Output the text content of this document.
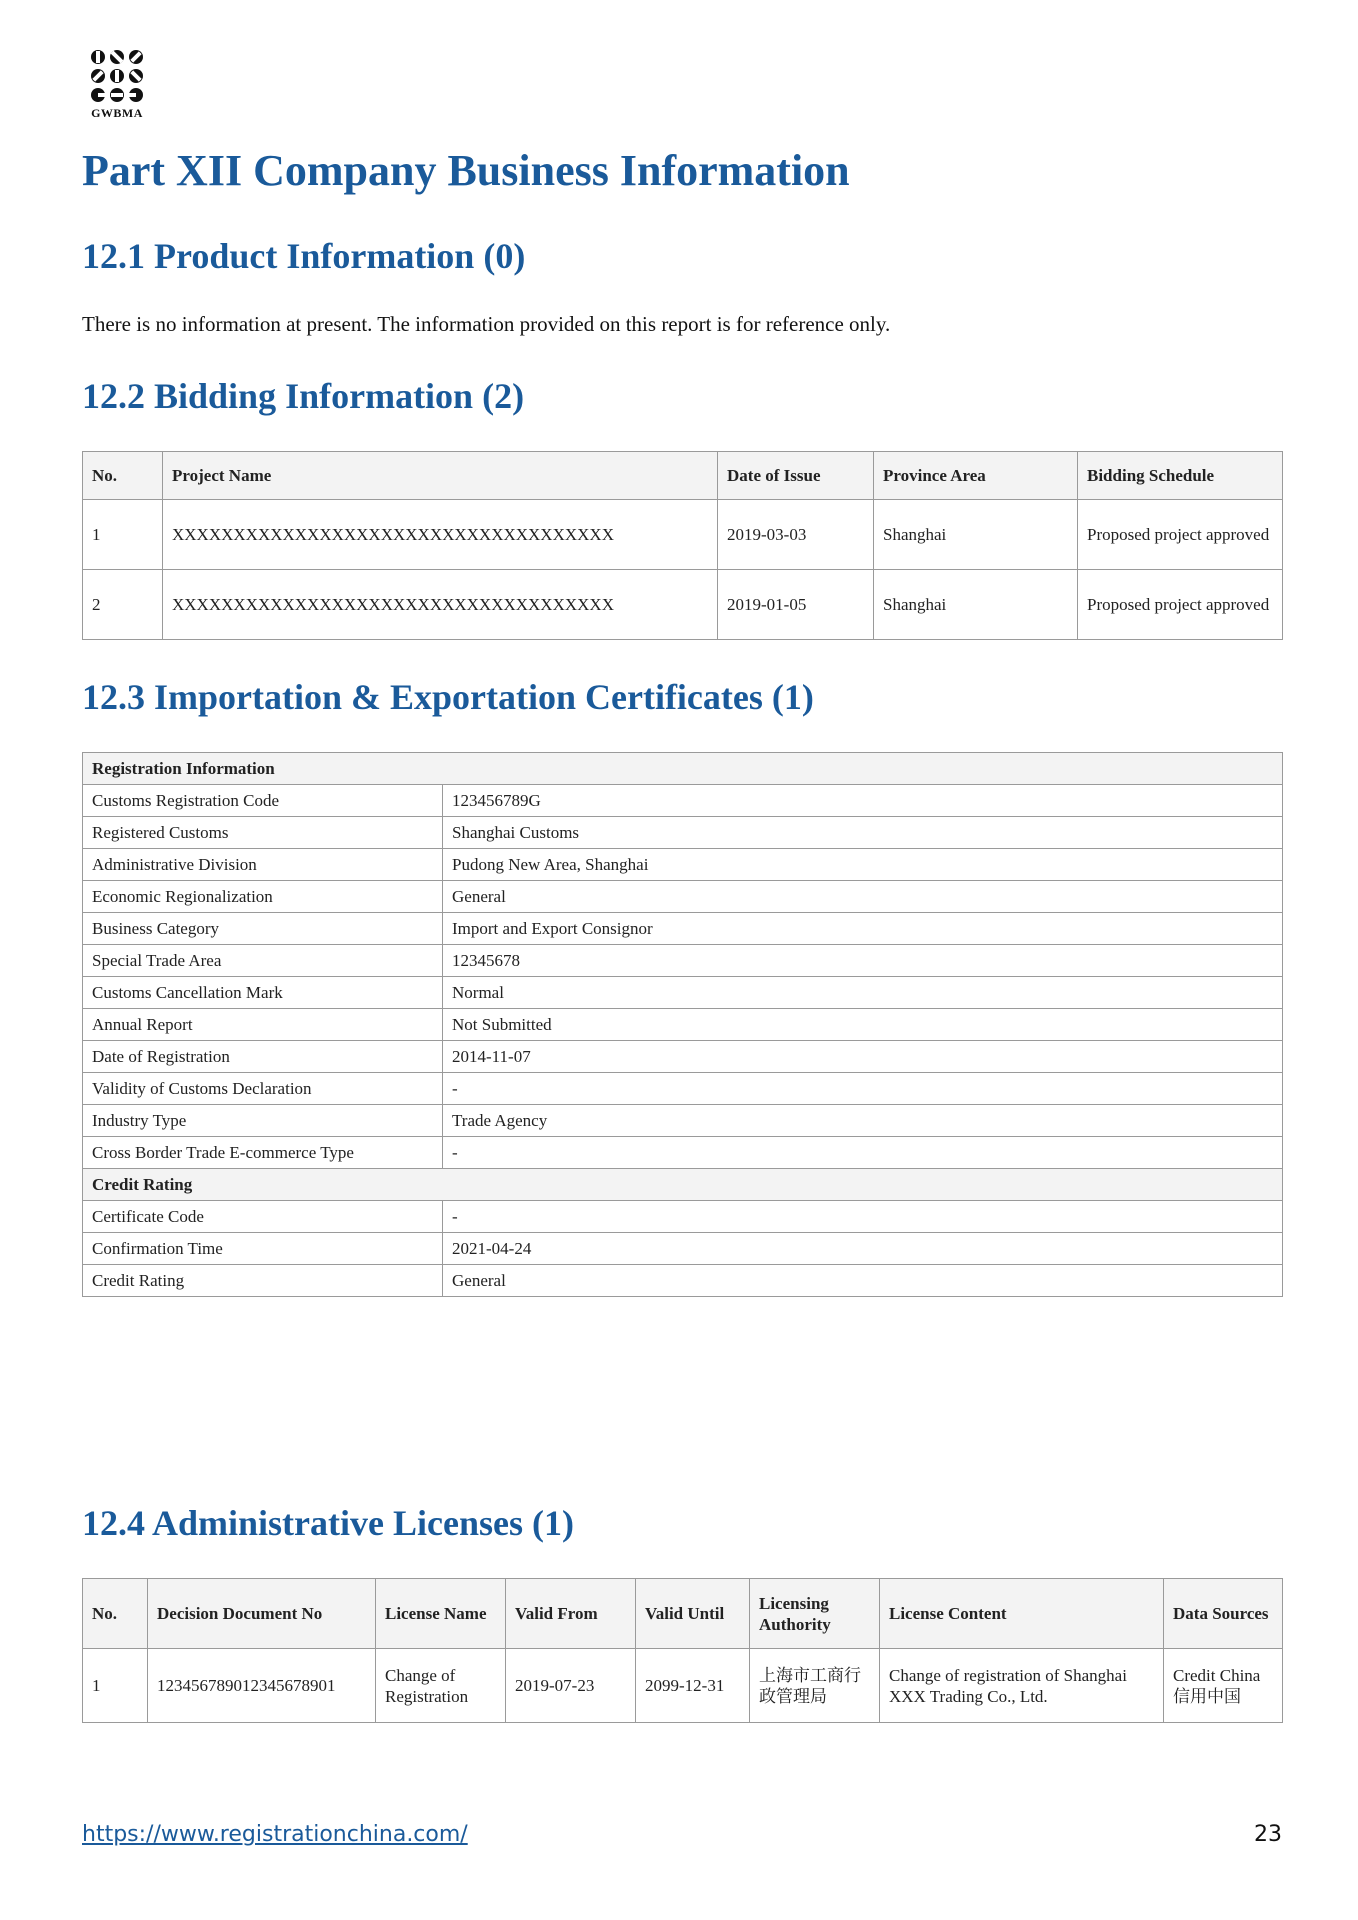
GWBMA
Part XII Company Business Information
12.1 Product Information (0)

There is no information at present. The information provided on this report is for reference only.

12.2 Bidding Information (2)
No.	Project Name	Date of Issue	Province Area	Bidding Schedule
1	XXXXXXXXXXXXXXXXXXXXXXXXXXXXXXXXXXXX	2019-03-03	Shanghai	Proposed project approved
2	XXXXXXXXXXXXXXXXXXXXXXXXXXXXXXXXXXXX	2019-01-05	Shanghai	Proposed project approved
12.3 Importation & Exportation Certificates (1)
Registration Information	
Customs Registration Code	123456789G
Registered Customs	Shanghai Customs
Administrative Division	Pudong New Area, Shanghai
Economic Regionalization	General
Business Category	Import and Export Consignor
Special Trade Area	12345678
Customs Cancellation Mark	Normal
Annual Report	Not Submitted
Date of Registration	2014-11-07
Validity of Customs Declaration	-
Industry Type	Trade Agency
Cross Border Trade E-commerce Type	-
Credit Rating	
Certificate Code	-
Confirmation Time	2021-04-24
Credit Rating	General
12.4 Administrative Licenses (1)
No.	Decision Document No	License Name	Valid From	Valid Until	Licensing Authority	License Content	Data Sources
1	123456789012345678901	Change of Registration	2019-07-23	2099-12-31	上海市工商行政管理局	Change of registration of Shanghai XXX Trading Co., Ltd.	Credit China 信用中国
https://www.registrationchina.com/	23
